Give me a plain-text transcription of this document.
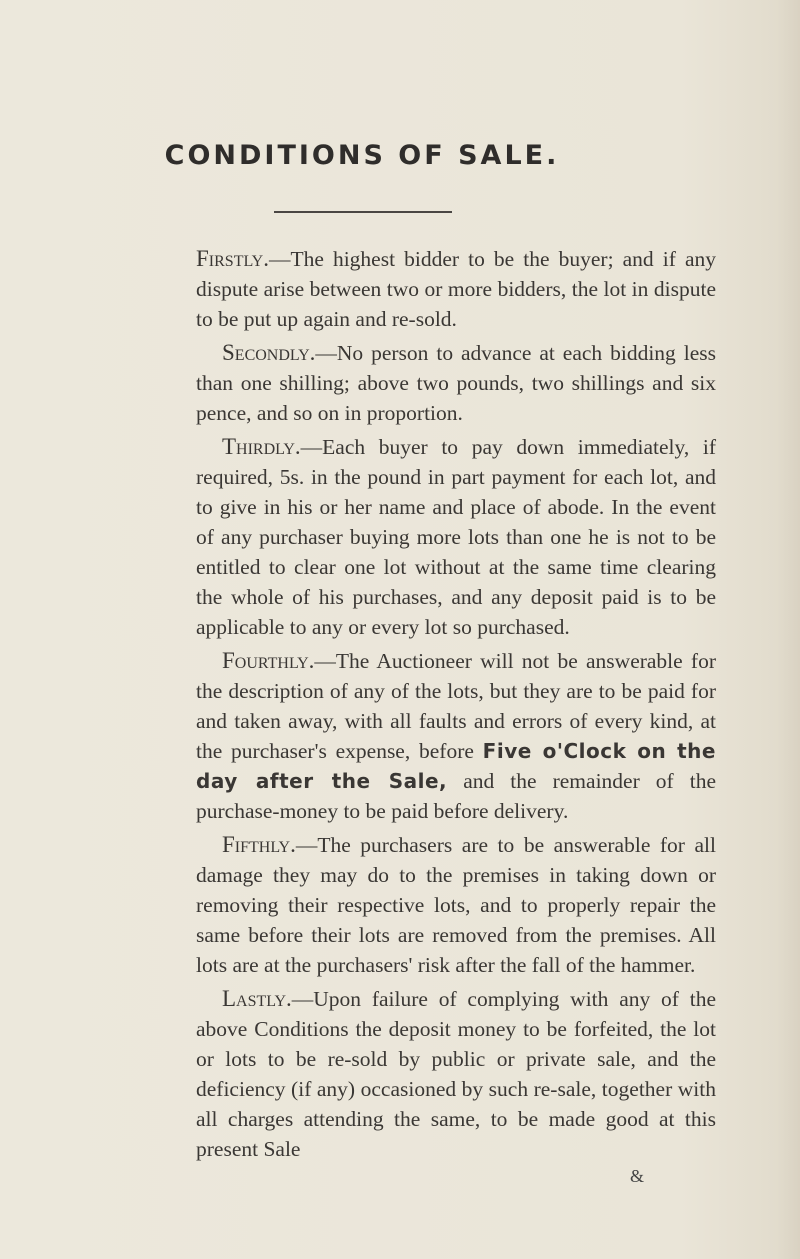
CONDITIONS OF SALE.

Firstly.—The highest bidder to be the buyer; and if any dispute arise between two or more bidders, the lot in dispute to be put up again and re-sold.

Secondly.—No person to advance at each bidding less than one shilling; above two pounds, two shillings and six pence, and so on in proportion.

Thirdly.—Each buyer to pay down immediately, if required, 5s. in the pound in part payment for each lot, and to give in his or her name and place of abode. In the event of any purchaser buying more lots than one he is not to be entitled to clear one lot without at the same time clearing the whole of his purchases, and any deposit paid is to be applicable to any or every lot so purchased.

Fourthly.—The Auctioneer will not be answerable for the description of any of the lots, but they are to be paid for and taken away, with all faults and errors of every kind, at the purchaser's expense, before Five o'Clock on the day after the Sale, and the remainder of the purchase-money to be paid before delivery.

Fifthly.—The purchasers are to be answerable for all damage they may do to the premises in taking down or removing their respective lots, and to properly repair the same before their lots are removed from the premises. All lots are at the purchasers' risk after the fall of the hammer.

Lastly.—Upon failure of complying with any of the above Conditions the deposit money to be forfeited, the lot or lots to be re-sold by public or private sale, and the deficiency (if any) occasioned by such re-sale, together with all charges attending the same, to be made good at this present Sale

&
